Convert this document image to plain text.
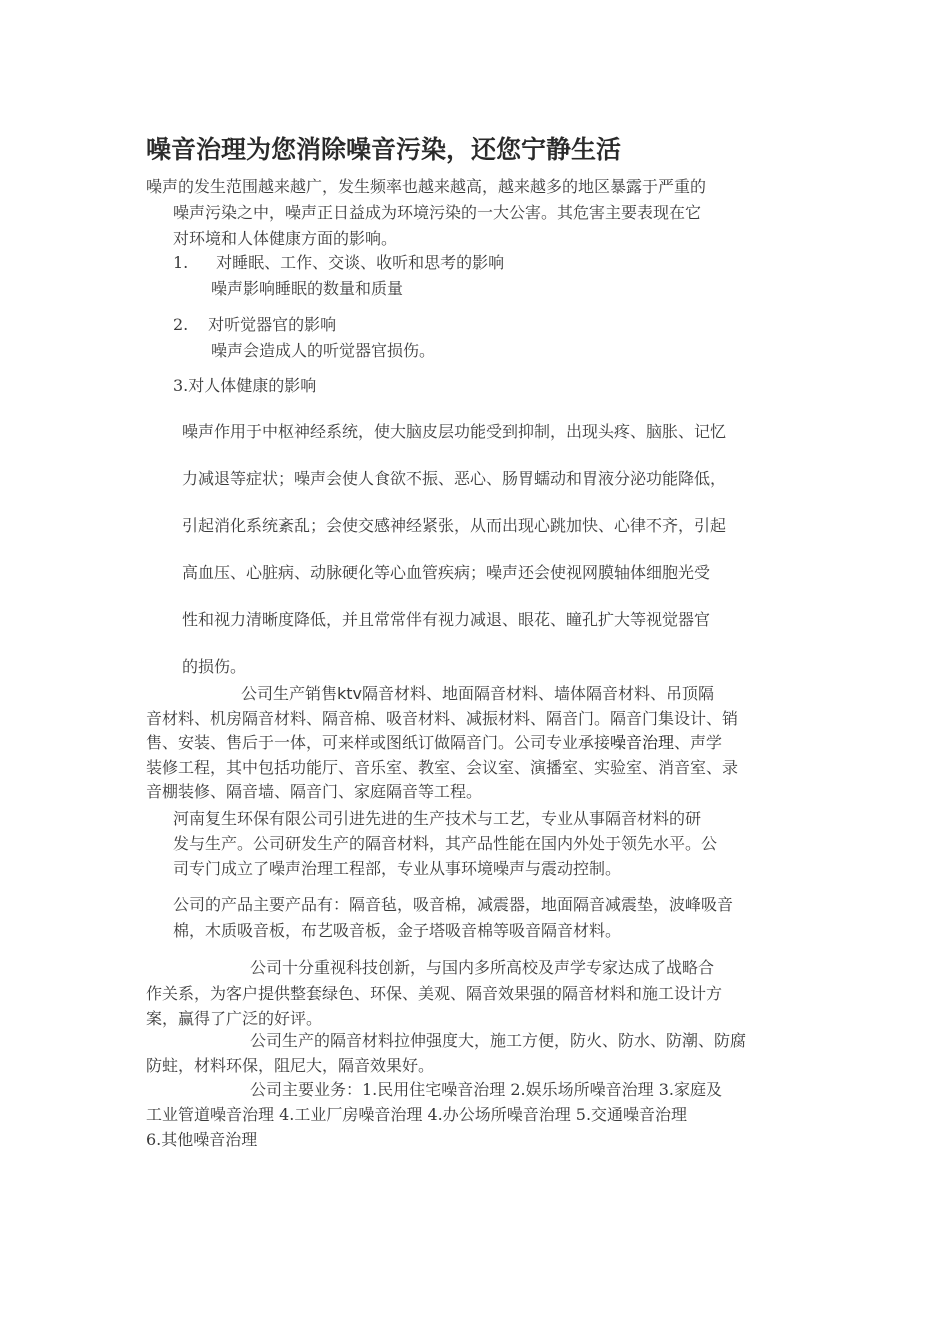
噪音治理为您消除噪音污染，还您宁静生活
噪声的发生范围越来越广，发生频率也越来越高，越来越多的地区暴露于严重的
噪声污染之中，噪声正日益成为环境污染的一大公害。其危害主要表现在它
对环境和人体健康方面的影响。
1. 对睡眠、工作、交谈、收听和思考的影响
噪声影响睡眠的数量和质量
2. 对听觉器官的影响
噪声会造成人的听觉器官损伤。
3.对人体健康的影响
噪声作用于中枢神经系统，使大脑皮层功能受到抑制，出现头疼、脑胀、记忆
力减退等症状；噪声会使人食欲不振、恶心、肠胃蠕动和胃液分泌功能降低，
引起消化系统紊乱；会使交感神经紧张，从而出现心跳加快、心律不齐，引起
高血压、心脏病、动脉硬化等心血管疾病；噪声还会使视网膜轴体细胞光受
性和视力清晰度降低，并且常常伴有视力减退、眼花、瞳孔扩大等视觉器官
的损伤。
公司生产销售ktv隔音材料、地面隔音材料、墙体隔音材料、吊顶隔
音材料、机房隔音材料、隔音棉、吸音材料、减振材料、隔音门。隔音门集设计、销
售、安装、售后于一体，可来样或图纸订做隔音门。公司专业承接噪音治理、声学
装修工程，其中包括功能厅、音乐室、教室、会议室、演播室、实验室、消音室、录
音棚装修、隔音墙、隔音门、家庭隔音等工程。
河南复生环保有限公司引进先进的生产技术与工艺，专业从事隔音材料的研
发与生产。公司研发生产的隔音材料，其产品性能在国内外处于领先水平。公
司专门成立了噪声治理工程部，专业从事环境噪声与震动控制。
公司的产品主要产品有：隔音毡，吸音棉，减震器，地面隔音减震垫，波峰吸音
棉，木质吸音板，布艺吸音板，金子塔吸音棉等吸音隔音材料。
公司十分重视科技创新，与国内多所高校及声学专家达成了战略合
作关系，为客户提供整套绿色、环保、美观、隔音效果强的隔音材料和施工设计方
案，赢得了广泛的好评。
公司生产的隔音材料拉伸强度大，施工方便，防火、防水、防潮、防腐
防蛀，材料环保，阻尼大，隔音效果好。
公司主要业务：1.民用住宅噪音治理 2.娱乐场所噪音治理 3.家庭及
工业管道噪音治理 4.工业厂房噪音治理 4.办公场所噪音治理 5.交通噪音治理
6.其他噪音治理
